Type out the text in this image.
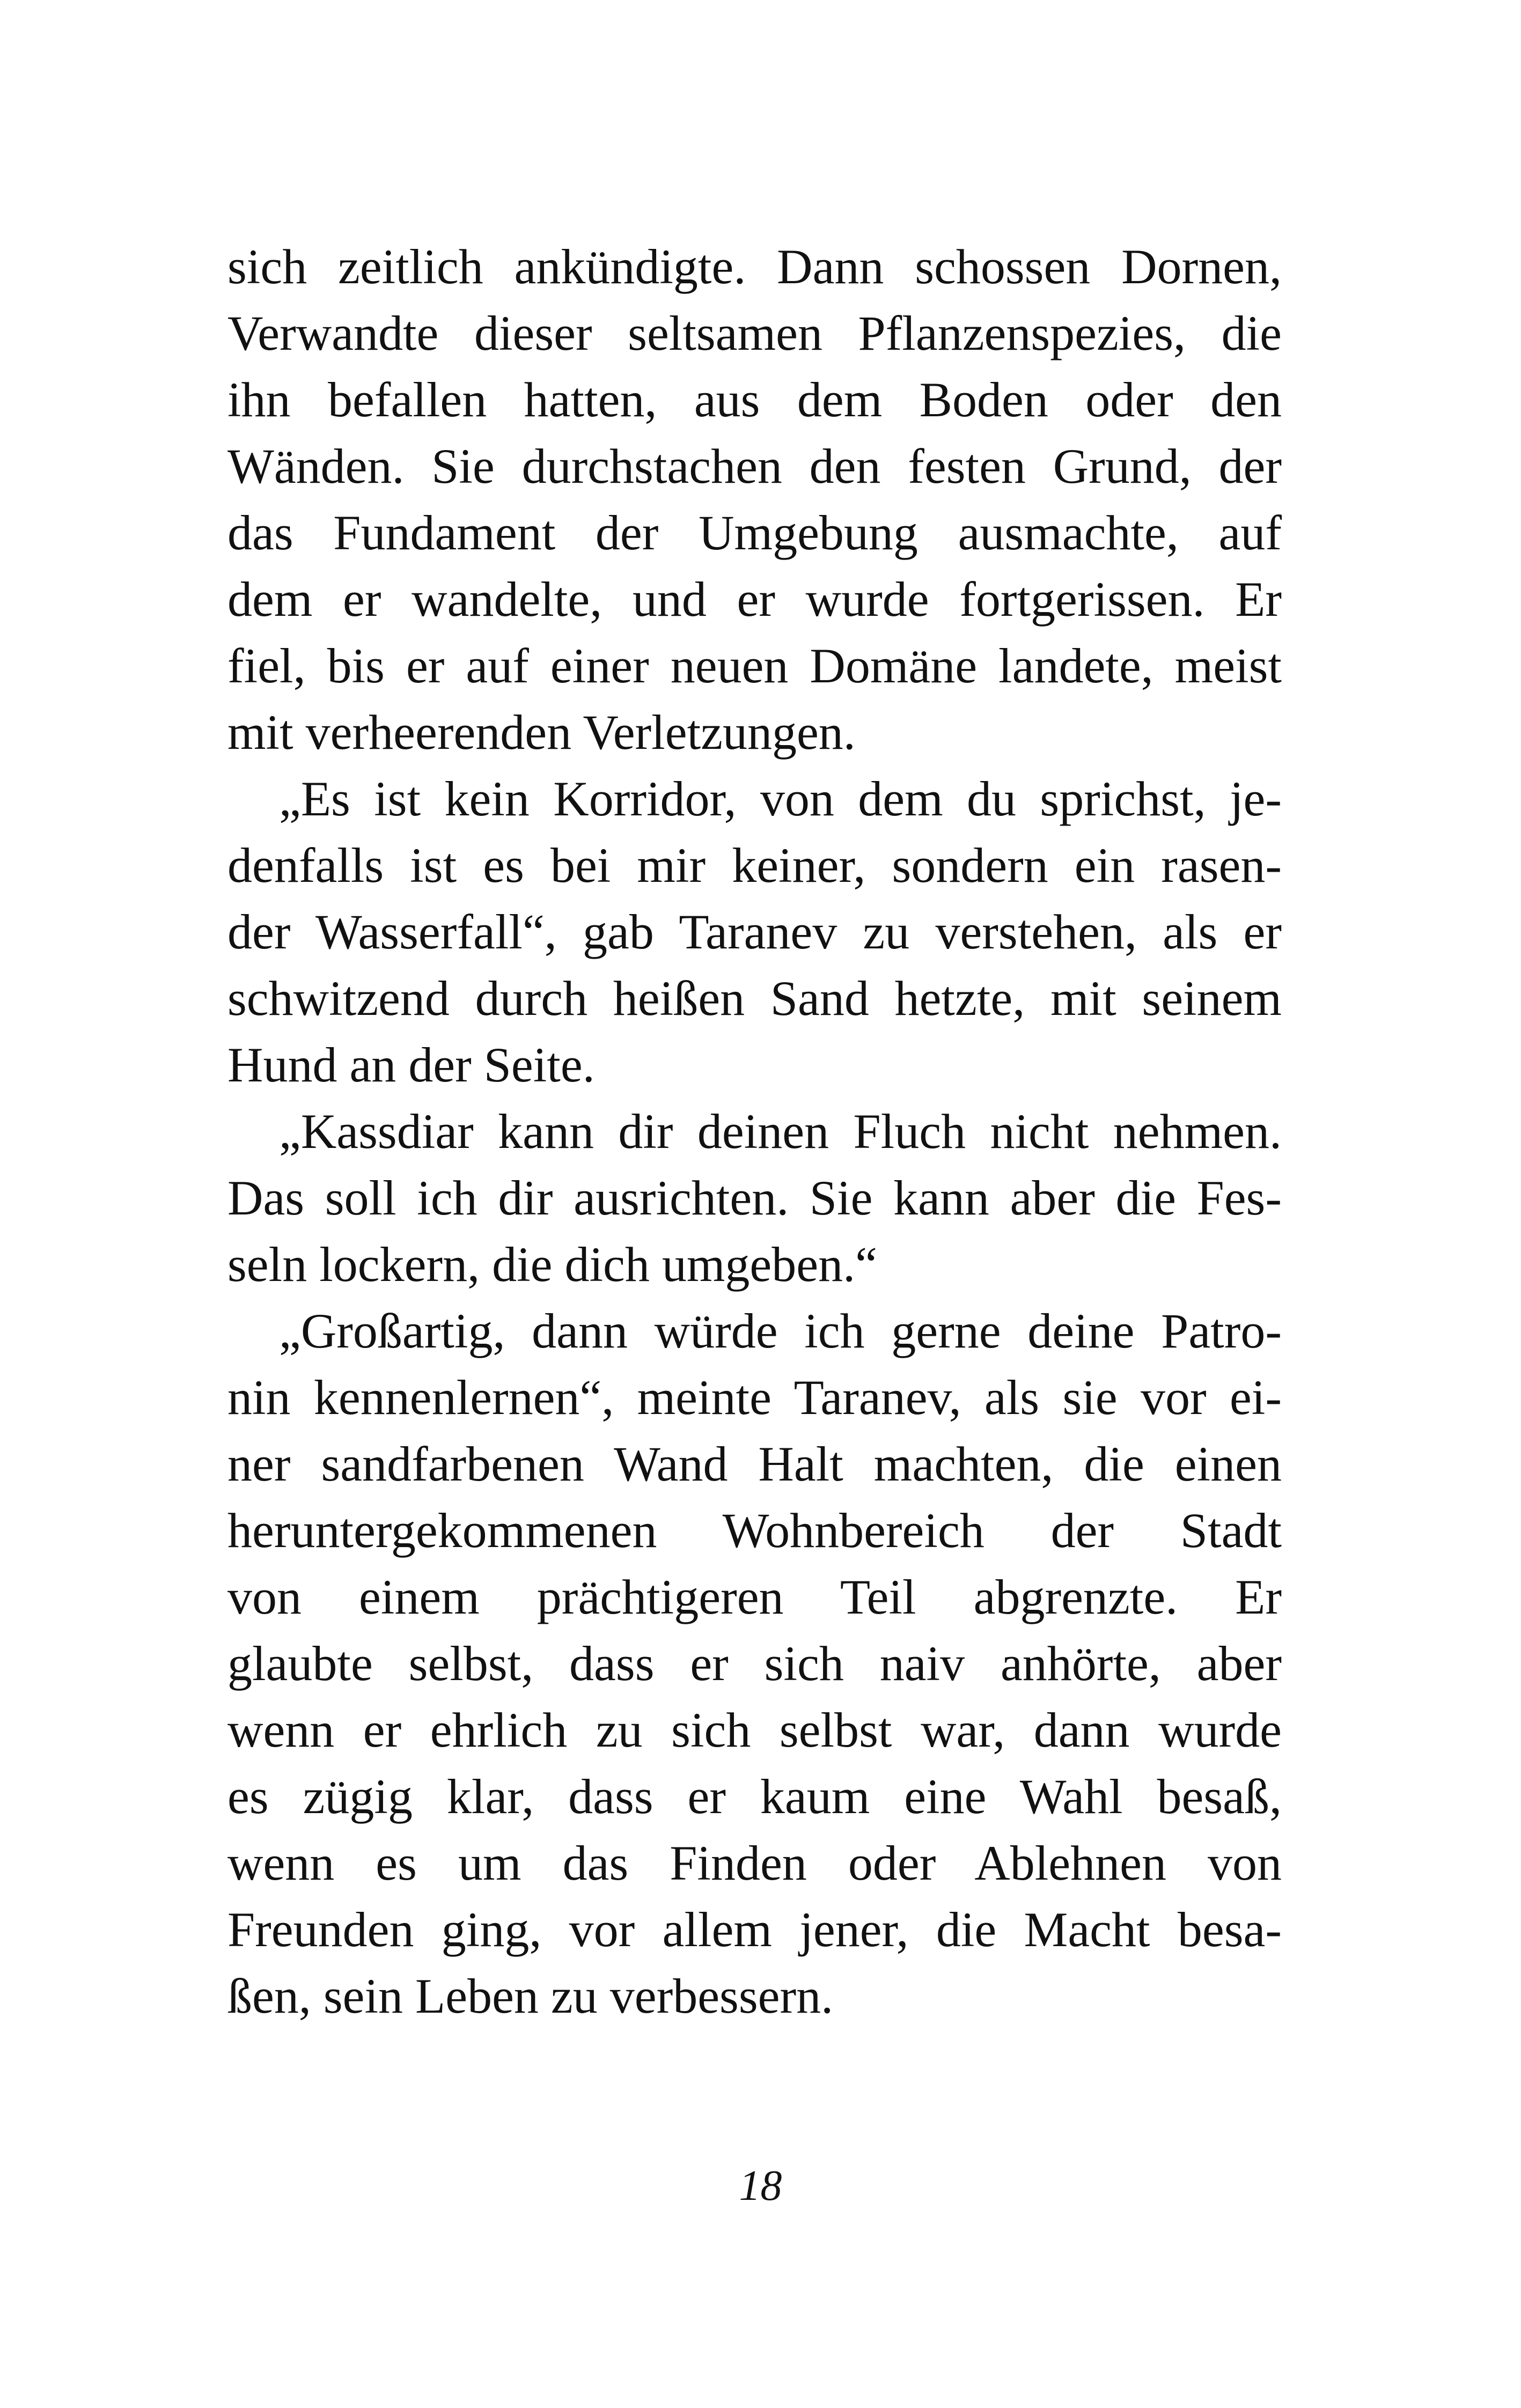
sich zeitlich ankündigte. Dann schossen Dornen,
Verwandte dieser seltsamen Pflanzenspezies, die
ihn befallen hatten, aus dem Boden oder den
Wänden. Sie durchstachen den festen Grund, der
das Fundament der Umgebung ausmachte, auf
dem er wandelte, und er wurde fortgerissen. Er
fiel, bis er auf einer neuen Domäne landete, meist
mit verheerenden Verletzungen.
„Es ist kein Korridor, von dem du sprichst, je-
denfalls ist es bei mir keiner, sondern ein rasen-
der Wasserfall“, gab Taranev zu verstehen, als er
schwitzend durch heißen Sand hetzte, mit seinem
Hund an der Seite.
„Kassdiar kann dir deinen Fluch nicht nehmen.
Das soll ich dir ausrichten. Sie kann aber die Fes-
seln lockern, die dich umgeben.“
„Großartig, dann würde ich gerne deine Patro-
nin kennenlernen“, meinte Taranev, als sie vor ei-
ner sandfarbenen Wand Halt machten, die einen
heruntergekommenen Wohnbereich der Stadt
von einem prächtigeren Teil abgrenzte. Er
glaubte selbst, dass er sich naiv anhörte, aber
wenn er ehrlich zu sich selbst war, dann wurde
es zügig klar, dass er kaum eine Wahl besaß,
wenn es um das Finden oder Ablehnen von
Freunden ging, vor allem jener, die Macht besa-
ßen, sein Leben zu verbessern.
18
